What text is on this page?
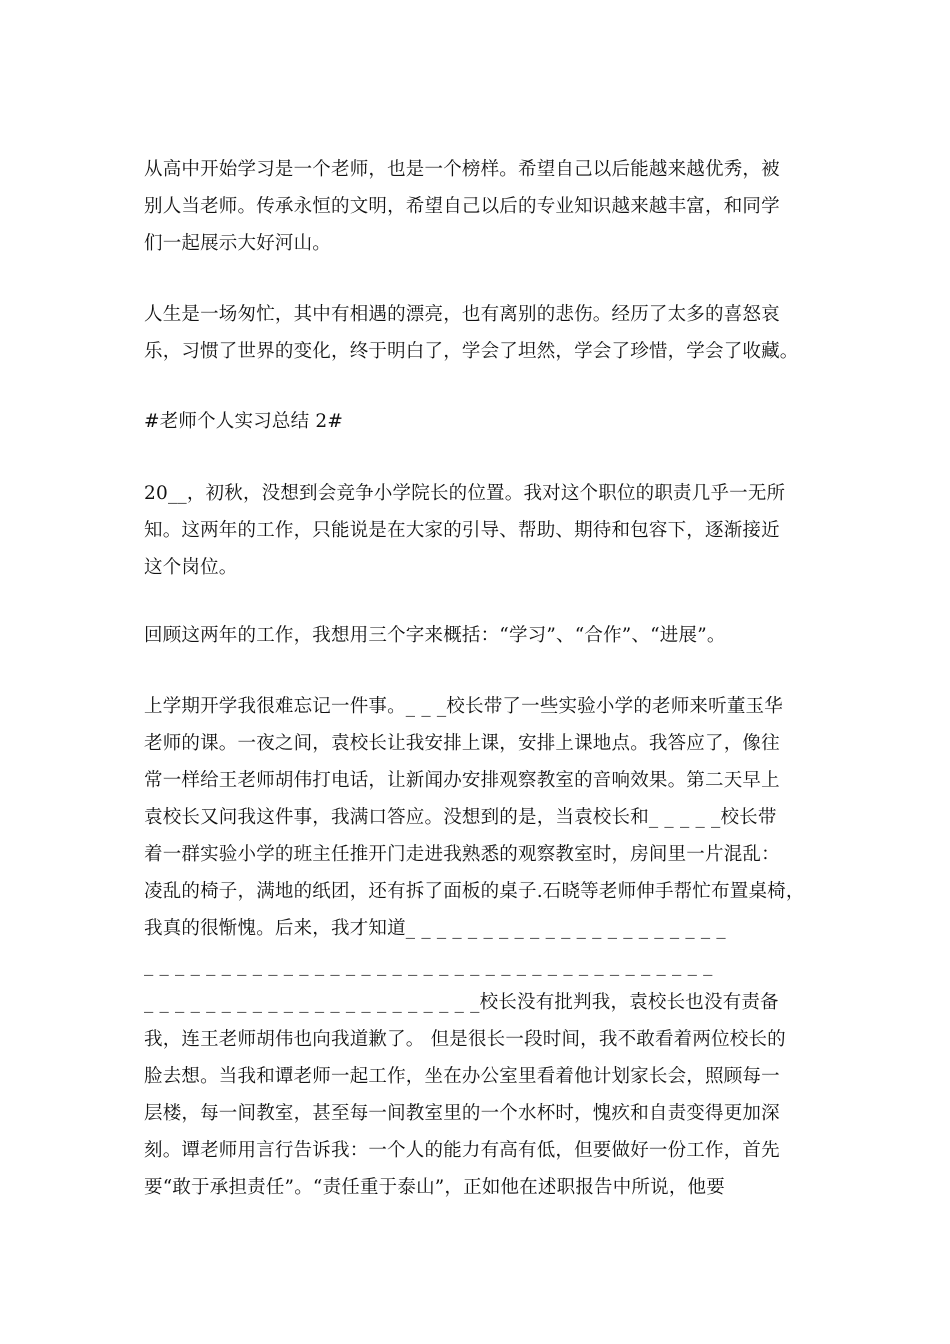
从高中开始学习是一个老师，也是一个榜样。希望自己以后能越来越优秀，被
别人当老师。传承永恒的文明，希望自己以后的专业知识越来越丰富，和同学
们一起展示大好河山。
人生是一场匆忙，其中有相遇的漂亮，也有离别的悲伤。经历了太多的喜怒哀
乐，习惯了世界的变化，终于明白了，学会了坦然，学会了珍惜，学会了收藏。
#老师个人实习总结 2#
20__，初秋，没想到会竞争小学院长的位置。我对这个职位的职责几乎一无所
知。这两年的工作，只能说是在大家的引导、帮助、期待和包容下，逐渐接近
这个岗位。
回顾这两年的工作，我想用三个字来概括：“学习”、“合作”、“进展”。
上学期开学我很难忘记一件事。_ _ _校长带了一些实验小学的老师来听董玉华
老师的课。一夜之间，袁校长让我安排上课，安排上课地点。我答应了，像往
常一样给王老师胡伟打电话，让新闻办安排观察教室的音响效果。第二天早上
袁校长又问我这件事，我满口答应。没想到的是，当袁校长和_ _ _ _ _校长带
着一群实验小学的班主任推开门走进我熟悉的观察教室时，房间里一片混乱：
凌乱的椅子，满地的纸团，还有拆了面板的桌子.石晓等老师伸手帮忙布置桌椅，
我真的很惭愧。后来，我才知道_ _ _ _ _ _ _ _ _ _ _ _ _ _ _ _ _ _ _ _ _
_ _ _ _ _ _ _ _ _ _ _ _ _ _ _ _ _ _ _ _ _ _ _ _ _ _ _ _ _ _ _ _ _ _ _ _ _
_ _ _ _ _ _ _ _ _ _ _ _ _ _ _ _ _ _ _ _ _ _校长没有批判我，袁校长也没有责备
我，连王老师胡伟也向我道歉了。 但是很长一段时间，我不敢看着两位校长的
脸去想。当我和谭老师一起工作，坐在办公室里看着他计划家长会，照顾每一
层楼，每一间教室，甚至每一间教室里的一个水杯时，愧疚和自责变得更加深
刻。谭老师用言行告诉我：一个人的能力有高有低，但要做好一份工作，首先
要“敢于承担责任”。“责任重于泰山”，正如他在述职报告中所说，他要
